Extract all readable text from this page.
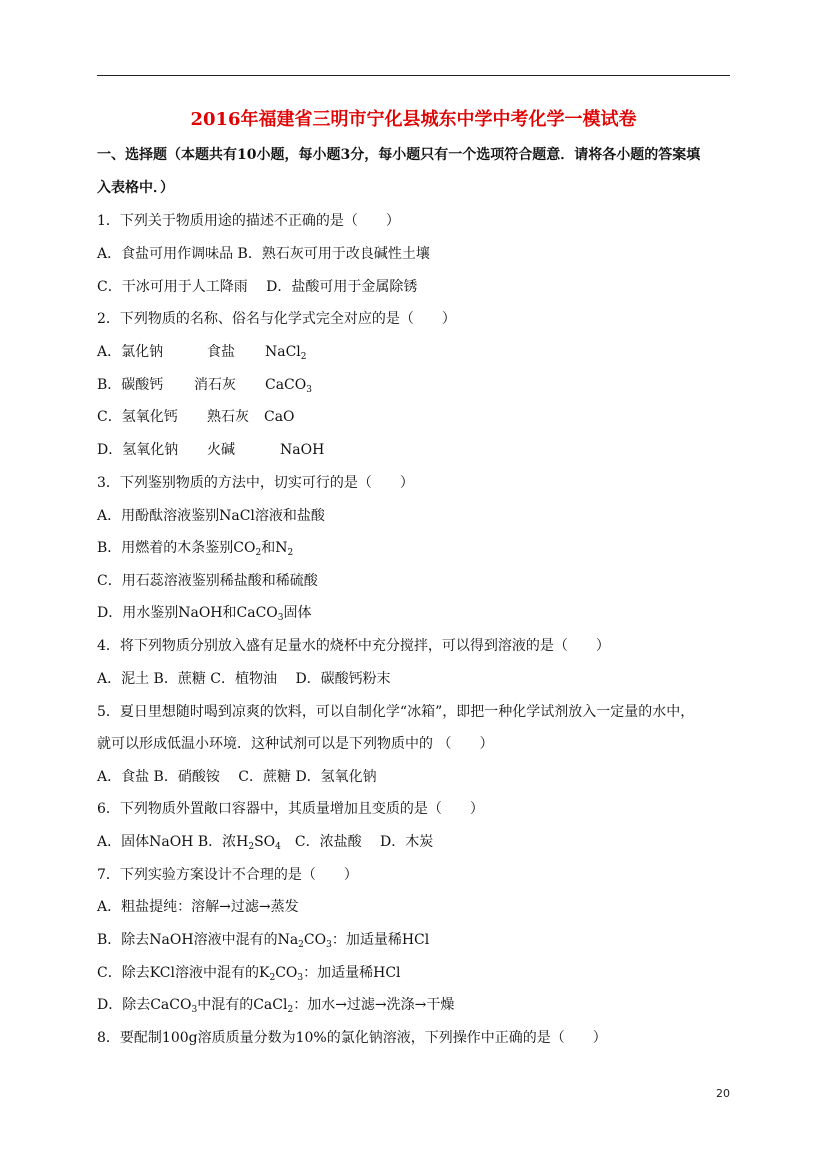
2016年福建省三明市宁化县城东中学中考化学一模试卷
一、选择题（本题共有10小题，每小题3分，每小题只有一个选项符合题意．请将各小题的答案填
入表格中．）
1．下列关于物质用途的描述不正确的是（　　）
A．食盐可用作调味品 B．熟石灰可用于改良碱性土壤
C．干冰可用于人工降雨　 D．盐酸可用于金属除锈
2．下列物质的名称、俗名与化学式完全对应的是（　　）
A．氯化钠	食盐 NaCl$_2$
B．碳酸钙 消石灰 CaCO$_3$
C．氢氧化钙 熟石灰 CaO
D．氢氧化钠 火碱	NaOH
3．下列鉴别物质的方法中，切实可行的是（　　）
A．用酚酞溶液鉴别NaCl溶液和盐酸
B．用燃着的木条鉴别$CO_2$和$N_2$
C．用石蕊溶液鉴别稀盐酸和稀硫酸
D．用水鉴别NaOH和CaCO$_3$固体
4．将下列物质分别放入盛有足量水的烧杯中充分搅拌，可以得到溶液的是（　　）
A．泥土 B．蔗糖 C．植物油　 D．碳酸钙粉末
5．夏日里想随时喝到凉爽的饮料，可以自制化学“冰箱”，即把一种化学试剂放入一定量的水中，
就可以形成低温小环境．这种试剂可以是下列物质中的 （　　）
A．食盐 B．硝酸铵　 C．蔗糖 D．氢氧化钠
6．下列物质外置敞口容器中，其质量增加且变质的是（　　）
A．固体NaOH B．浓$H_2SO_4$　C．浓盐酸　 D．木炭
7．下列实验方案设计不合理的是（　　）
A．粗盐提纯：溶解→过滤→蒸发
B．除去NaOH溶液中混有的$Na_2CO_3$：加适量稀HCl
C．除去KCl溶液中混有的$K_2CO_3$：加适量稀HCl
D．除去CaCO$_3$中混有的CaCl$_2$：加水→过滤→洗涤→干燥
8．要配制100g溶质质量分数为10%的氯化钠溶液，下列操作中正确的是（　　）
20
